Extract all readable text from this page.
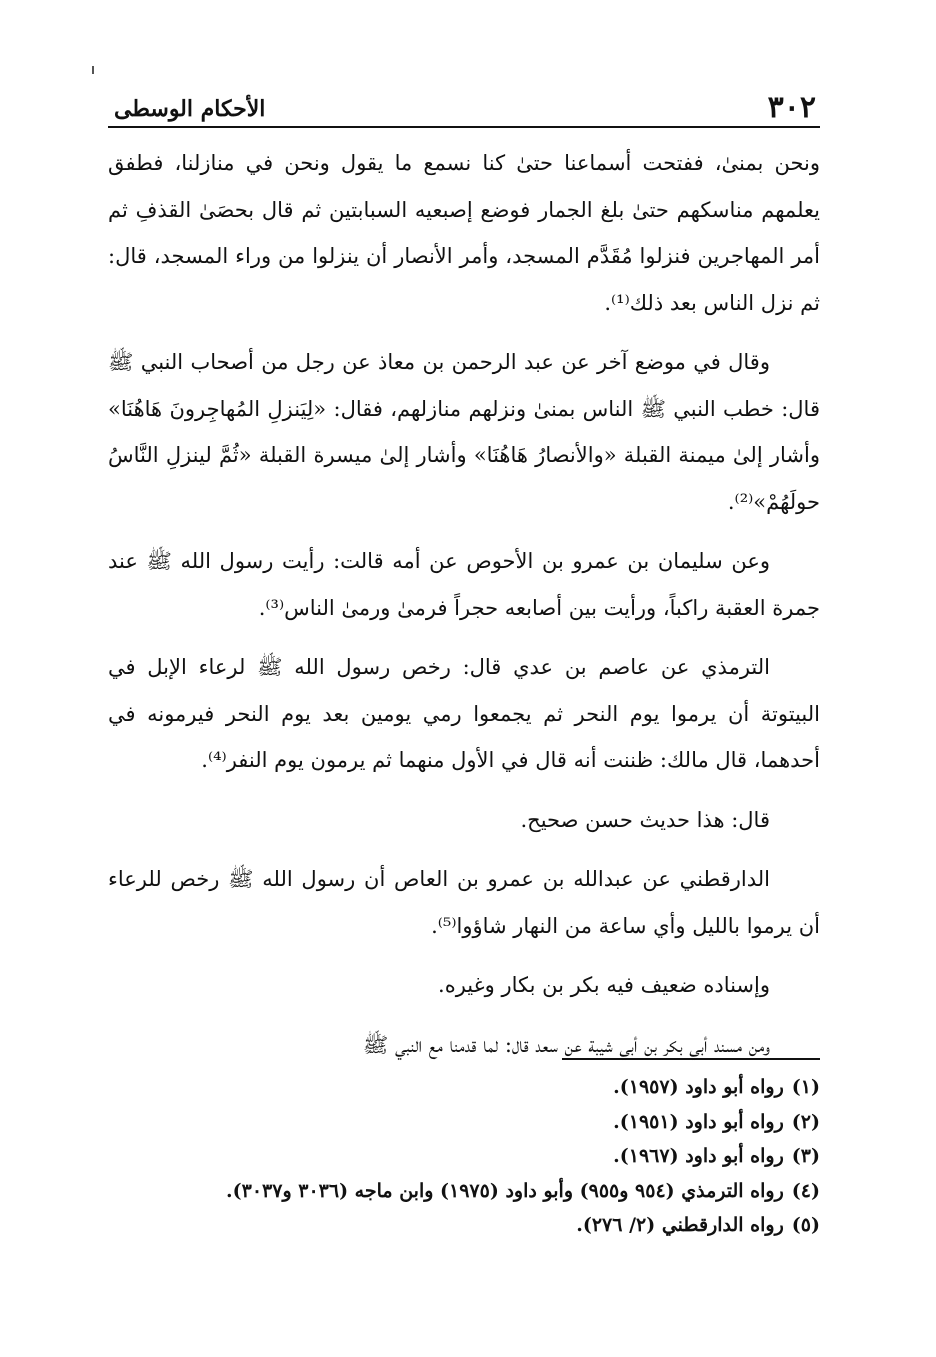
٣٠٢
الأحكام الوسطى

ونحن بمنىٰ، ففتحت أسماعنا حتىٰ كنا نسمع ما يقول ونحن في منازلنا، فطفق يعلمهم مناسكهم حتىٰ بلغ الجمار فوضع إصبعيه السبابتين ثم قال بحصَىٰ القذفِ ثم أمر المهاجرين فنزلوا مُقَدَّم المسجد، وأمر الأنصار أن ينزلوا من وراء المسجد، قال: ثم نزل الناس بعد ذلك⁽¹⁾.

وقال في موضع آخر عن عبد الرحمن بن معاذ عن رجل من أصحاب النبي ﷺ قال: خطب النبي ﷺ الناس بمنىٰ ونزلهم منازلهم، فقال: «لِيَنزلِ المُهاجِرونَ هَاهُنَا» وأشار إلىٰ ميمنة القبلة «والأنصارُ هَاهُنَا» وأشار إلىٰ ميسرة القبلة «ثُمَّ لينزلِ النَّاسُ حولَهُمْ»⁽²⁾.

وعن سليمان بن عمرو بن الأحوص عن أمه قالت: رأيت رسول الله ﷺ عند جمرة العقبة راكباً، ورأيت بين أصابعه حجراً فرمىٰ ورمىٰ الناس⁽³⁾.

الترمذي عن عاصم بن عدي قال: رخص رسول الله ﷺ لرعاء الإبل في البيتوتة أن يرموا يوم النحر ثم يجمعوا رمي يومين بعد يوم النحر فيرمونه في أحدهما، قال مالك: ظننت أنه قال في الأول منهما ثم يرمون يوم النفر⁽⁴⁾.

قال: هذا حديث حسن صحيح.

الدارقطني عن عبدالله بن عمرو بن العاص أن رسول الله ﷺ رخص للرعاء أن يرموا بالليل وأي ساعة من النهار شاؤوا⁽⁵⁾.

وإسناده ضعيف فيه بكر بن بكار وغيره.

ومن مسند أبي بكر بن أبي شيبة عن سعد قال: لما قدمنا مع النبي ﷺ

(١)رواه أبو داود (١٩٥٧).

(٢)رواه أبو داود (١٩٥١).

(٣)رواه أبو داود (١٩٦٧).

(٤)رواه الترمذي (٩٥٤ و٩٥٥) وأبو داود (١٩٧٥) وابن ماجه (٣٠٣٦ و٣٠٣٧).

(٥)رواه الدارقطني (٢/ ٢٧٦).
